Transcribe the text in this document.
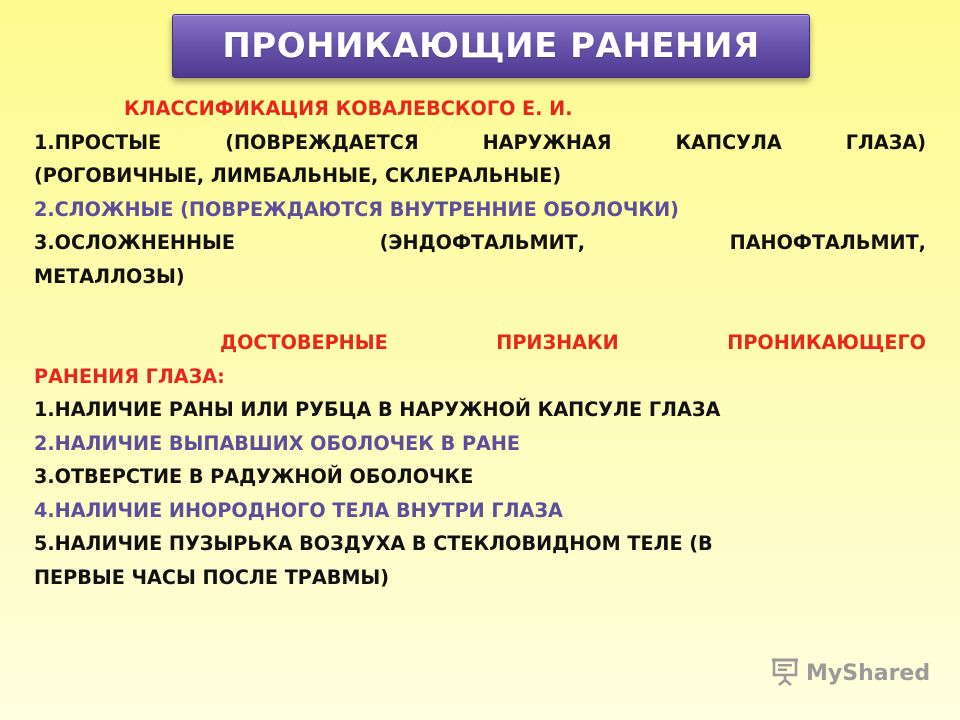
ПРОНИКАЮЩИЕ РАНЕНИЯ
КЛАССИФИКАЦИЯ КОВАЛЕВСКОГО Е. И.
1.ПРОСТЫЕ	(ПОВРЕЖДАЕТСЯ	НАРУЖНАЯ	КАПСУЛА	ГЛАЗА)
(РОГОВИЧНЫЕ, ЛИМБАЛЬНЫЕ, СКЛЕРАЛЬНЫЕ)
2.СЛОЖНЫЕ (ПОВРЕЖДАЮТСЯ ВНУТРЕННИЕ ОБОЛОЧКИ)
3.ОСЛОЖНЕННЫЕ	(ЭНДОФТАЛЬМИТ,	ПАНОФТАЛЬМИТ,
МЕТАЛЛОЗЫ)
ДОСТОВЕРНЫЕ	ПРИЗНАКИ	ПРОНИКАЮЩЕГО
РАНЕНИЯ ГЛАЗА:
1.НАЛИЧИЕ РАНЫ ИЛИ РУБЦА В НАРУЖНОЙ КАПСУЛЕ ГЛАЗА
2.НАЛИЧИЕ ВЫПАВШИХ ОБОЛОЧЕК В РАНЕ
3.ОТВЕРСТИЕ В РАДУЖНОЙ ОБОЛОЧКЕ
4.НАЛИЧИЕ ИНОРОДНОГО ТЕЛА ВНУТРИ ГЛАЗА
5.НАЛИЧИЕ ПУЗЫРЬКА ВОЗДУХА В СТЕКЛОВИДНОМ ТЕЛЕ (В
ПЕРВЫЕ ЧАСЫ ПОСЛЕ ТРАВМЫ)
MyShared
